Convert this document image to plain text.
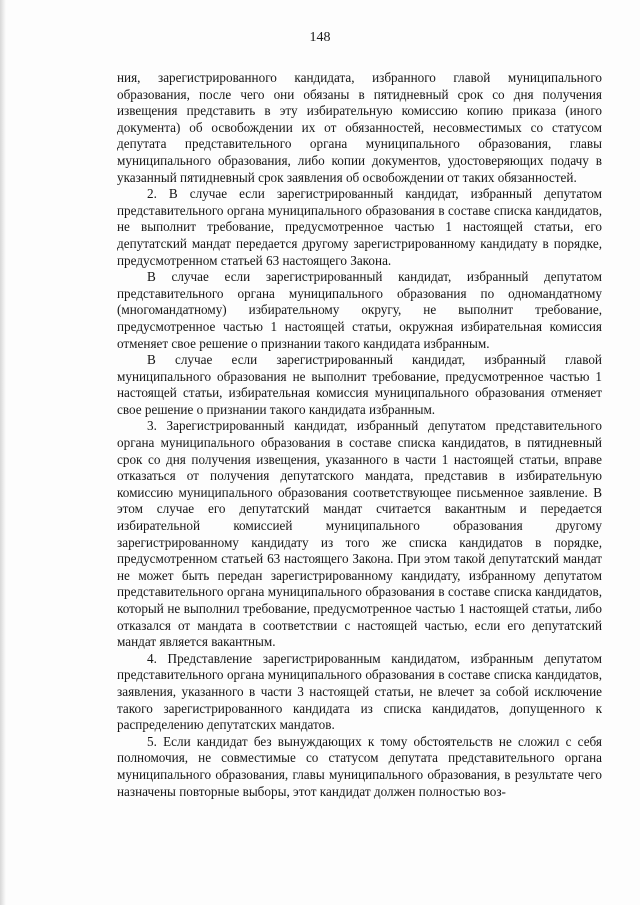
148

ния, зарегистрированного кандидата, избранного главой муниципального образования, после чего они обязаны в пятидневный срок со дня получения извещения представить в эту избирательную комиссию копию приказа (иного документа) об освобождении их от обязанностей, несовместимых со статусом депутата представительного органа муниципального образования, главы муниципального образования, либо копии документов, удостоверяющих подачу в указанный пятидневный срок заявления об освобождении от таких обязанностей.

2. В случае если зарегистрированный кандидат, избранный депутатом представительного органа муниципального образования в составе списка кандидатов, не выполнит требование, предусмотренное частью 1 настоящей статьи, его депутатский мандат передается другому зарегистрированному кандидату в порядке, предусмотренном статьей 63 настоящего Закона.

В случае если зарегистрированный кандидат, избранный депутатом представительного органа муниципального образования по одномандатному (многомандатному) избирательному округу, не выполнит требование, предусмотренное частью 1 настоящей статьи, окружная избирательная комиссия отменяет свое решение о признании такого кандидата избранным.

В случае если зарегистрированный кандидат, избранный главой муниципального образования не выполнит требование, предусмотренное частью 1 настоящей статьи, избирательная комиссия муниципального образования отменяет свое решение о признании такого кандидата избранным.

3. Зарегистрированный кандидат, избранный депутатом представительного органа муниципального образования в составе списка кандидатов, в пятидневный срок со дня получения извещения, указанного в части 1 настоящей статьи, вправе отказаться от получения депутатского мандата, представив в избирательную комиссию муниципального образования соответствующее письменное заявление. В этом случае его депутатский мандат считается вакантным и передается избирательной комиссией муниципального образования другому зарегистрированному кандидату из того же списка кандидатов в порядке, предусмотренном статьей 63 настоящего Закона. При этом такой депутатский мандат не может быть передан зарегистрированному кандидату, избранному депутатом представительного органа муниципального образования в составе списка кандидатов, который не выполнил требование, предусмотренное частью 1 настоящей статьи, либо отказался от мандата в соответствии с настоящей частью, если его депутатский мандат является вакантным.

4. Представление зарегистрированным кандидатом, избранным депутатом представительного органа муниципального образования в составе списка кандидатов, заявления, указанного в части 3 настоящей статьи, не влечет за собой исключение такого зарегистрированного кандидата из списка кандидатов, допущенного к распределению депутатских мандатов.

5. Если кандидат без вынуждающих к тому обстоятельств не сложил с себя полномочия, не совместимые со статусом депутата представительного органа муниципального образования, главы муниципального образования, в результате чего назначены повторные выборы, этот кандидат должен полностью воз-
